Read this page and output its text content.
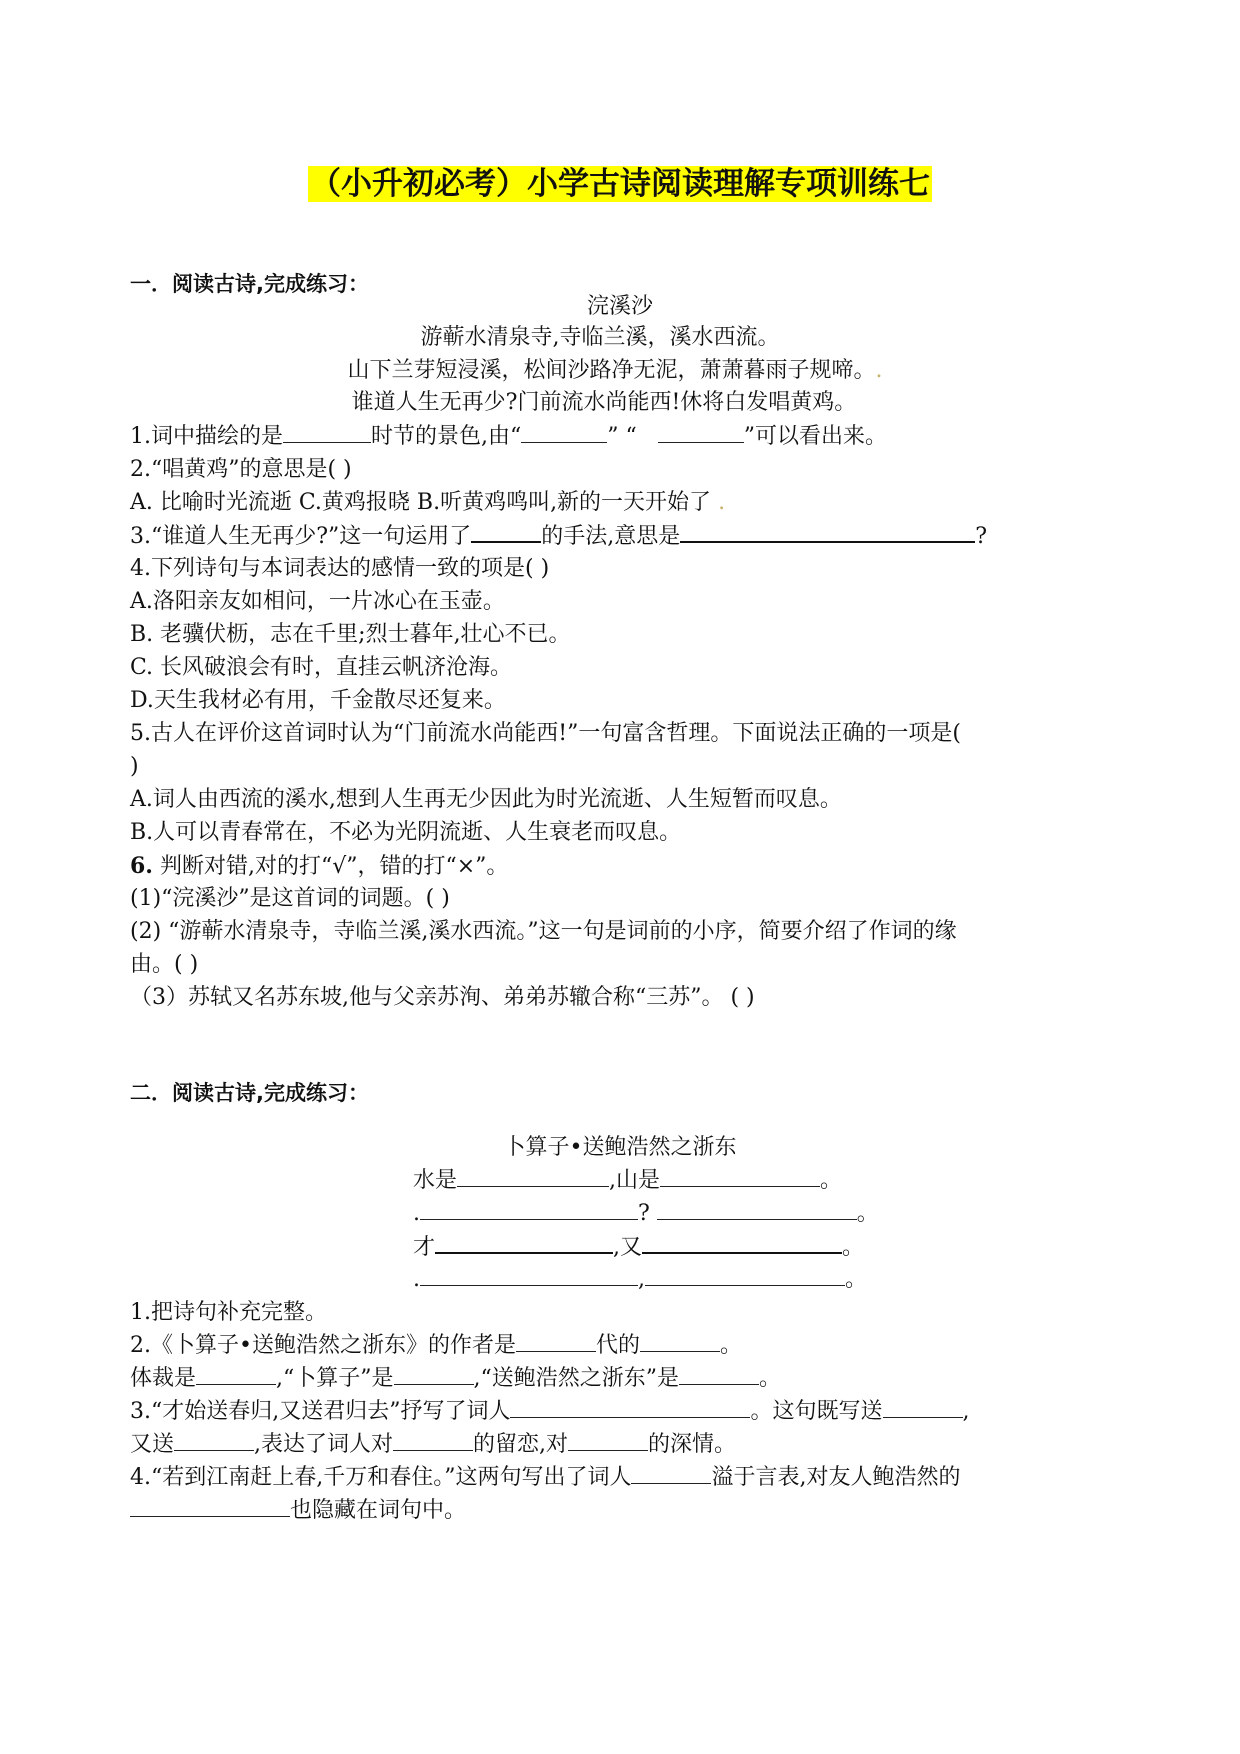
（小升初必考）小学古诗阅读理解专项训练七
一．阅读古诗,完成练习：
浣溪沙
游蕲水清泉寺,寺临兰溪，溪水西流。
山下兰芽短浸溪，松间沙路净无泥，萧萧暮雨子规啼。.
谁道人生无再少?门前流水尚能西!休将白发唱黄鸡。
1.词中描绘的是	时节的景色,由“	” “	”可以看出来。
2.“唱黄鸡”的意思是( )
A. 比喻时光流逝 C.黄鸡报晓 B.听黄鸡鸣叫,新的一天开始了 .
3.“谁道人生无再少?”这一句运用了	的手法,意思是	?
4.下列诗句与本词表达的感情一致的项是( )
A.洛阳亲友如相问，一片冰心在玉壶。
B. 老骥伏枥，志在千里;烈士暮年,壮心不已。
C. 长风破浪会有时，直挂云帆济沧海。
D.天生我材必有用，千金散尽还复来。
5.古人在评价这首词时认为“门前流水尚能西!”一句富含哲理。下面说法正确的一项是(
)
A.词人由西流的溪水,想到人生再无少因此为时光流逝、人生短暂而叹息。
B.人可以青春常在，不必为光阴流逝、人生衰老而叹息。
6. 判断对错,对的打“√”，错的打“×”。
(1)“浣溪沙”是这首词的词题。( )
(2) “游蕲水清泉寺，寺临兰溪,溪水西流。”这一句是词前的小序，简要介绍了作词的缘
由。( )
（3）苏轼又名苏东坡,他与父亲苏洵、弟弟苏辙合称“三苏”。 ( )
二．阅读古诗,完成练习：
卜算子•送鲍浩然之浙东
水是	,山是	。
.	?	。
才	,又	。
.	,	。
1.把诗句补充完整。
2.《卜算子•送鲍浩然之浙东》的作者是	代的	。
体裁是	,“卜算子”是	,“送鲍浩然之浙东”是	。
3.“才始送春归,又送君归去”抒写了词人	。这句既写送	,
又送	,表达了词人对	的留恋,对	的深情。
4.“若到江南赶上春,千万和春住。”这两句写出了词人	溢于言表,对友人鲍浩然的
也隐藏在词句中。
